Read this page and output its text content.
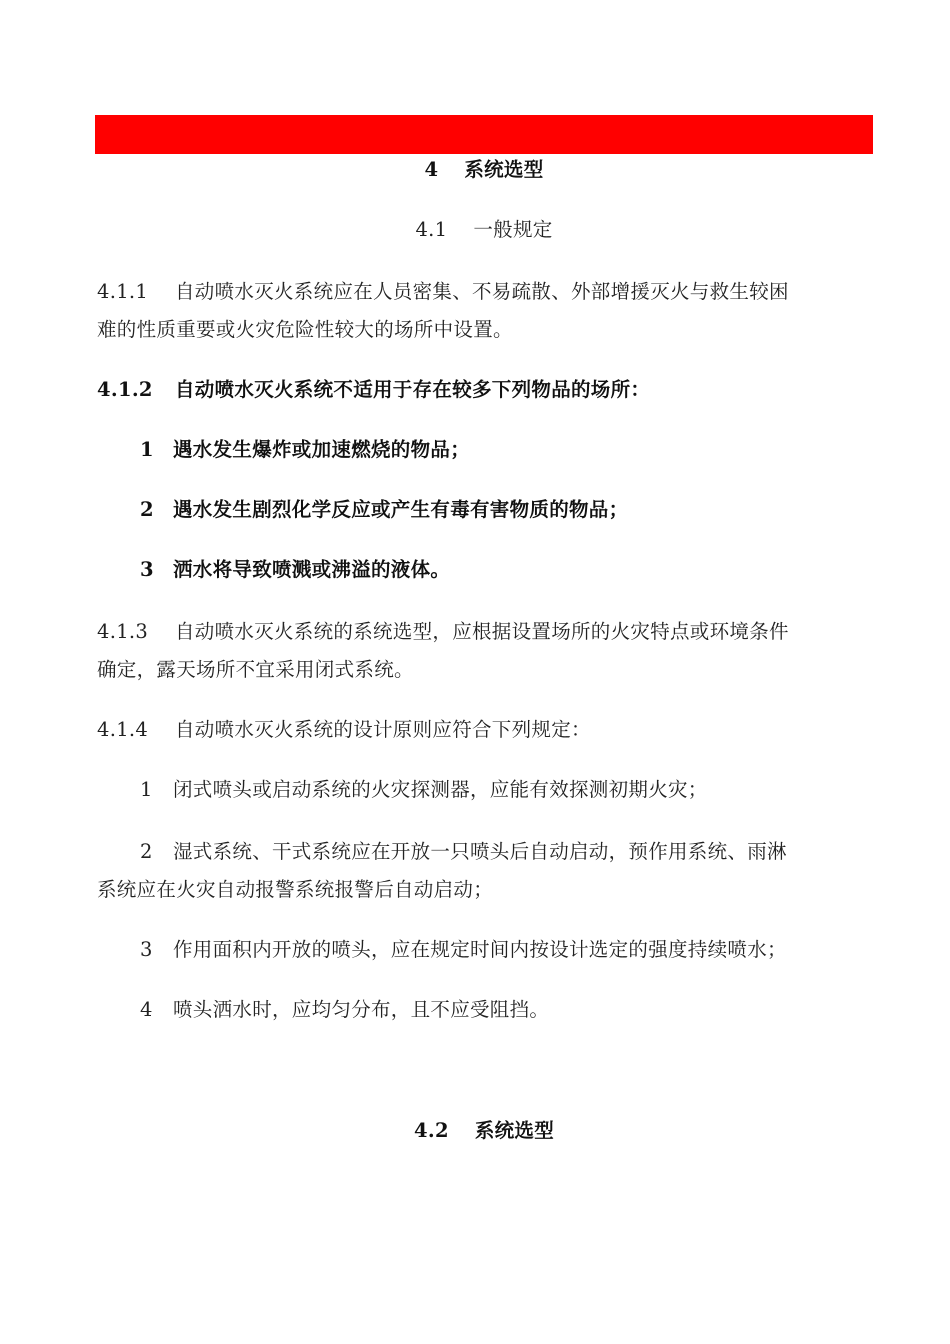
4 系统选型
4.1 一般规定
4.1.1 自动喷水灭火系统应在人员密集、不易疏散、外部增援灭火与救生较困
难的性质重要或火灾危险性较大的场所中设置。
4.1.2 自动喷水灭火系统不适用于存在较多下列物品的场所：
1 遇水发生爆炸或加速燃烧的物品；
2 遇水发生剧烈化学反应或产生有毒有害物质的物品；
3 洒水将导致喷溅或沸溢的液体。
4.1.3 自动喷水灭火系统的系统选型，应根据设置场所的火灾特点或环境条件
确定，露天场所不宜采用闭式系统。
4.1.4 自动喷水灭火系统的设计原则应符合下列规定：
1 闭式喷头或启动系统的火灾探测器，应能有效探测初期火灾；
2 湿式系统、干式系统应在开放一只喷头后自动启动，预作用系统、雨淋
系统应在火灾自动报警系统报警后自动启动；
3 作用面积内开放的喷头，应在规定时间内按设计选定的强度持续喷水；
4 喷头洒水时，应均匀分布，且不应受阻挡。
4.2 系统选型
